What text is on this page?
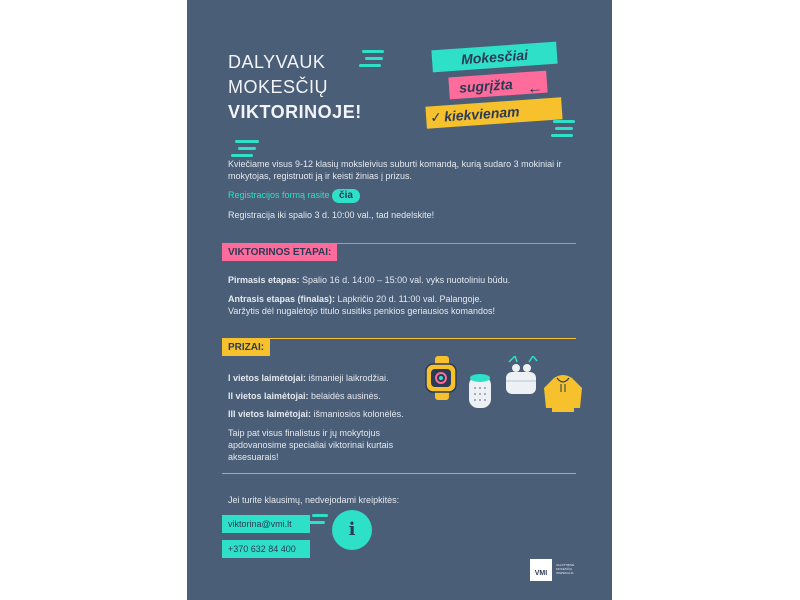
DALYVAUK
MOKESČIŲ
VIKTORINOJE!
Mokesčiai
sugrįžta ←
✓ kiekvienam
Kviečiame visus 9-12 klasių moksleivius suburti komandą, kurią sudaro 3 mokiniai ir mokytojas, registruoti ją ir keisti žinias į prizus.
Registracijos formą rasite čia
Registracija iki spalio 3 d. 10:00 val., tad nedelskite!
VIKTORINOS ETAPAI:
Pirmasis etapas: Spalio 16 d. 14:00 – 15:00 val. vyks nuotoliniu būdu.
Antrasis etapas (finalas): Lapkričio 20 d. 11:00 val. Palangoje.
Varžytis dėl nugalėtojo titulo susitiks penkios geriausios komandos!
PRIZAI:
I vietos laimėtojai: išmanieji laikrodžiai.
II vietos laimėtojai: belaidės ausinės.
III vietos laimėtojai: išmaniosios kolonėlės.
Taip pat visus finalistus ir jų mokytojus apdovanosime specialiai viktorinai kurtais aksesuarais!
Jei turite klausimų, nedvejodami kreipkitės:
viktorina@vmi.lt
+370 632 84 400
i
VMI
VALSTYBINĖ MOKESČIŲ INSPEKCIJA
